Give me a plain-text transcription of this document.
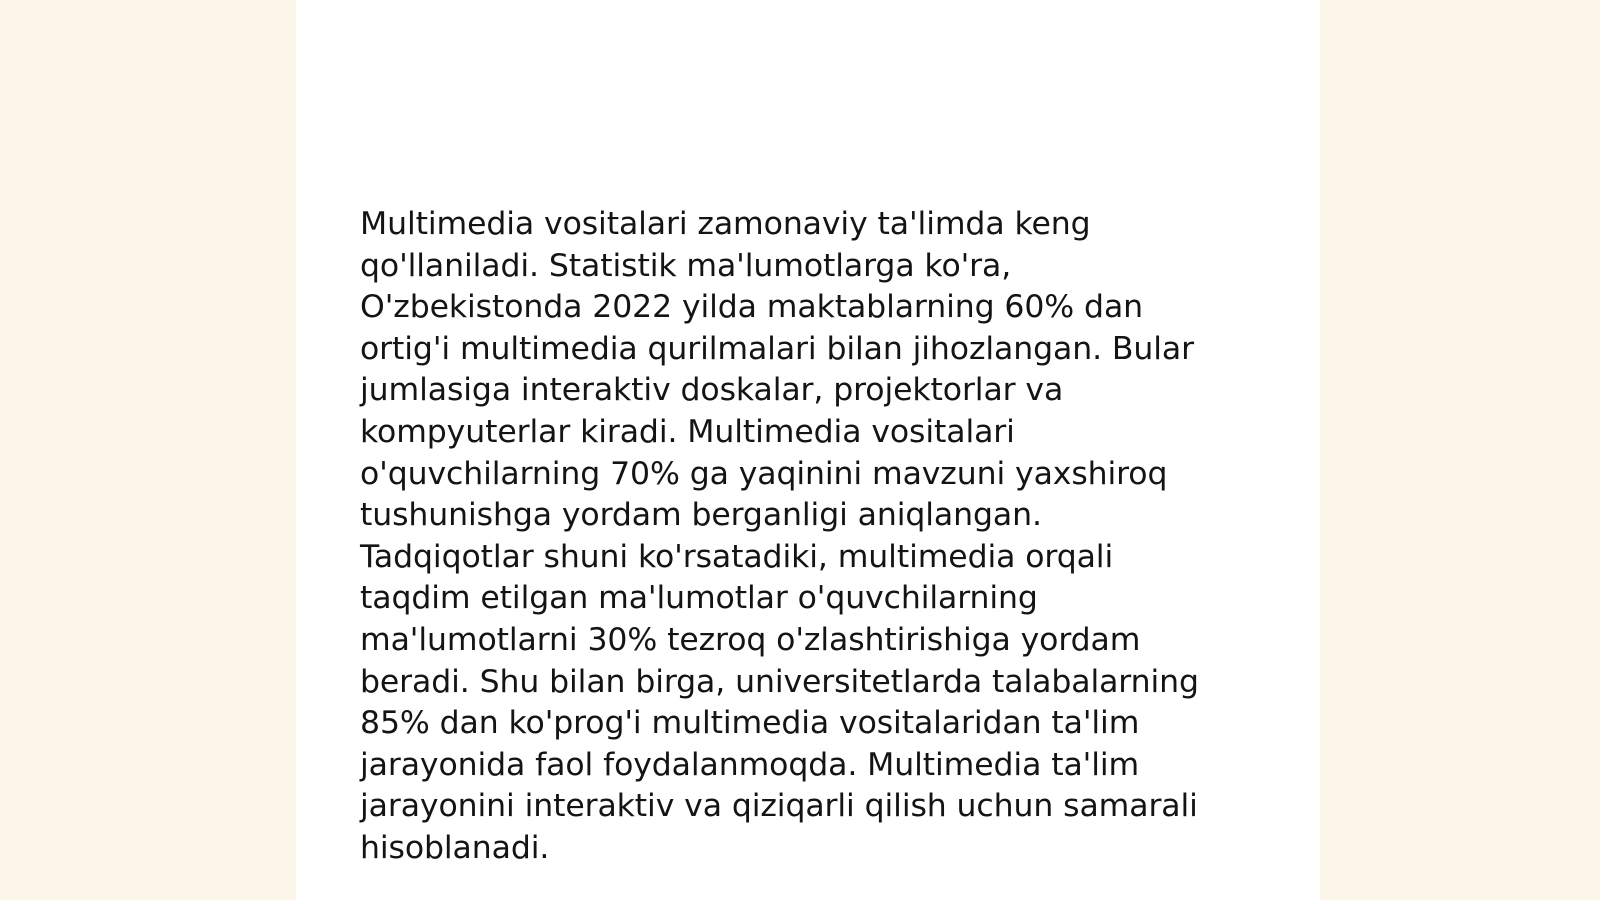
Multimedia vositalari zamonaviy ta'limda keng
qo'llaniladi. Statistik ma'lumotlarga ko'ra,
O'zbekistonda 2022 yilda maktablarning 60% dan
ortig'i multimedia qurilmalari bilan jihozlangan. Bular
jumlasiga interaktiv doskalar, projektorlar va
kompyuterlar kiradi. Multimedia vositalari
o'quvchilarning 70% ga yaqinini mavzuni yaxshiroq
tushunishga yordam berganligi aniqlangan.
Tadqiqotlar shuni ko'rsatadiki, multimedia orqali
taqdim etilgan ma'lumotlar o'quvchilarning
ma'lumotlarni 30% tezroq o'zlashtirishiga yordam
beradi. Shu bilan birga, universitetlarda talabalarning
85% dan ko'prog'i multimedia vositalaridan ta'lim
jarayonida faol foydalanmoqda. Multimedia ta'lim
jarayonini interaktiv va qiziqarli qilish uchun samarali
hisoblanadi.
